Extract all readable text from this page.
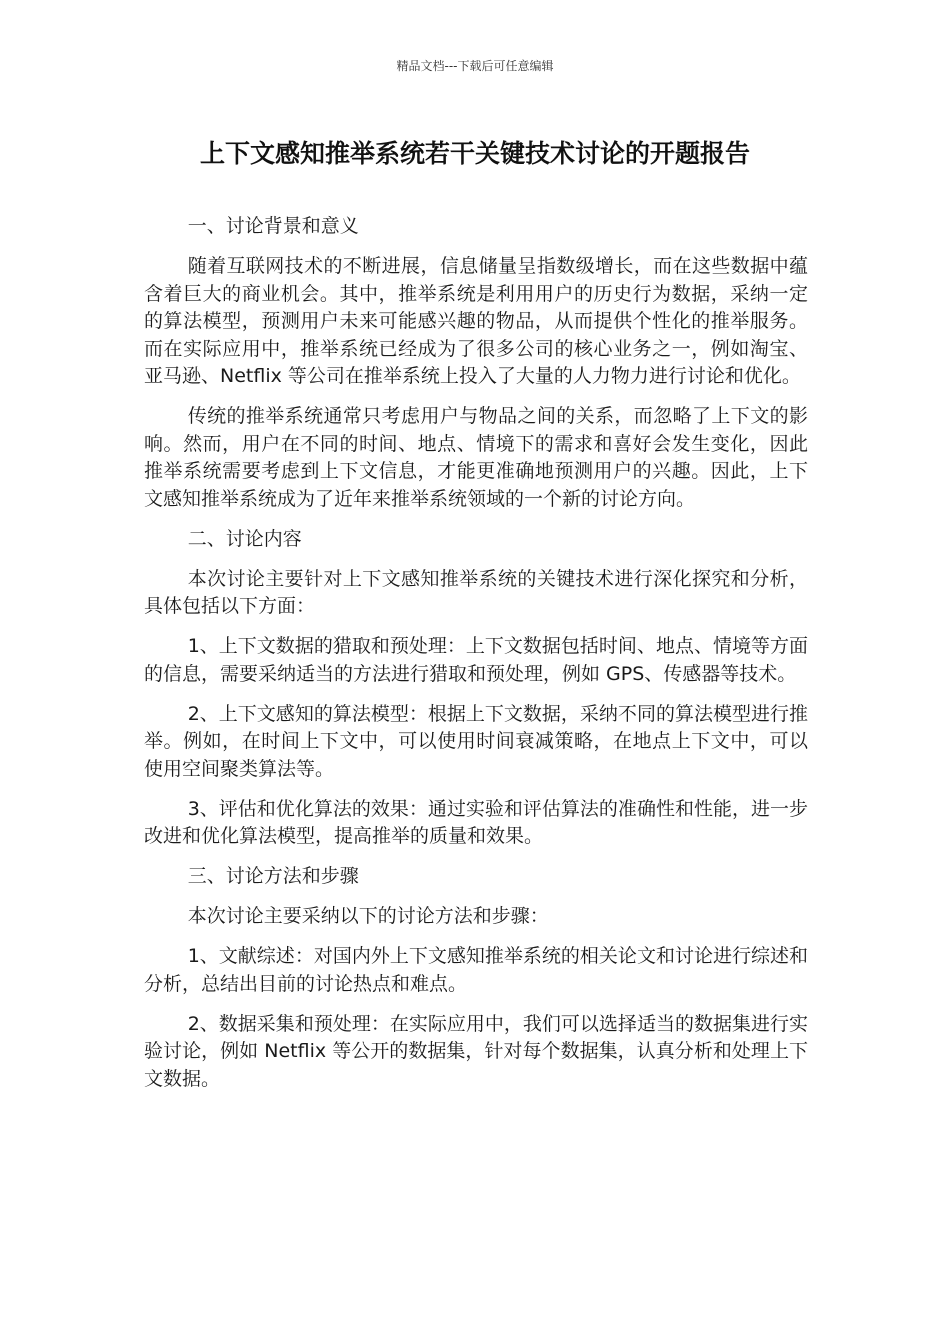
精品文档---下载后可任意编辑
上下文感知推举系统若干关键技术讨论的开题报告

一、讨论背景和意义

随着互联网技术的不断进展，信息储量呈指数级增长，而在这些数据中蕴含着巨大的商业机会。其中，推举系统是利用用户的历史行为数据，采纳一定的算法模型，预测用户未来可能感兴趣的物品，从而提供个性化的推举服务。而在实际应用中，推举系统已经成为了很多公司的核心业务之一，例如淘宝、亚马逊、Netflix 等公司在推举系统上投入了大量的人力物力进行讨论和优化。

传统的推举系统通常只考虑用户与物品之间的关系，而忽略了上下文的影响。然而，用户在不同的时间、地点、情境下的需求和喜好会发生变化，因此推举系统需要考虑到上下文信息，才能更准确地预测用户的兴趣。因此，上下文感知推举系统成为了近年来推举系统领域的一个新的讨论方向。

二、讨论内容

本次讨论主要针对上下文感知推举系统的关键技术进行深化探究和分析，具体包括以下方面：

1、上下文数据的猎取和预处理：上下文数据包括时间、地点、情境等方面的信息，需要采纳适当的方法进行猎取和预处理，例如 GPS、传感器等技术。

2、上下文感知的算法模型：根据上下文数据，采纳不同的算法模型进行推举。例如，在时间上下文中，可以使用时间衰减策略，在地点上下文中，可以使用空间聚类算法等。

3、评估和优化算法的效果：通过实验和评估算法的准确性和性能，进一步改进和优化算法模型，提高推举的质量和效果。

三、讨论方法和步骤

本次讨论主要采纳以下的讨论方法和步骤：

1、文献综述：对国内外上下文感知推举系统的相关论文和讨论进行综述和分析，总结出目前的讨论热点和难点。

2、数据采集和预处理：在实际应用中，我们可以选择适当的数据集进行实验讨论，例如 Netflix 等公开的数据集，针对每个数据集，认真分析和处理上下文数据。
